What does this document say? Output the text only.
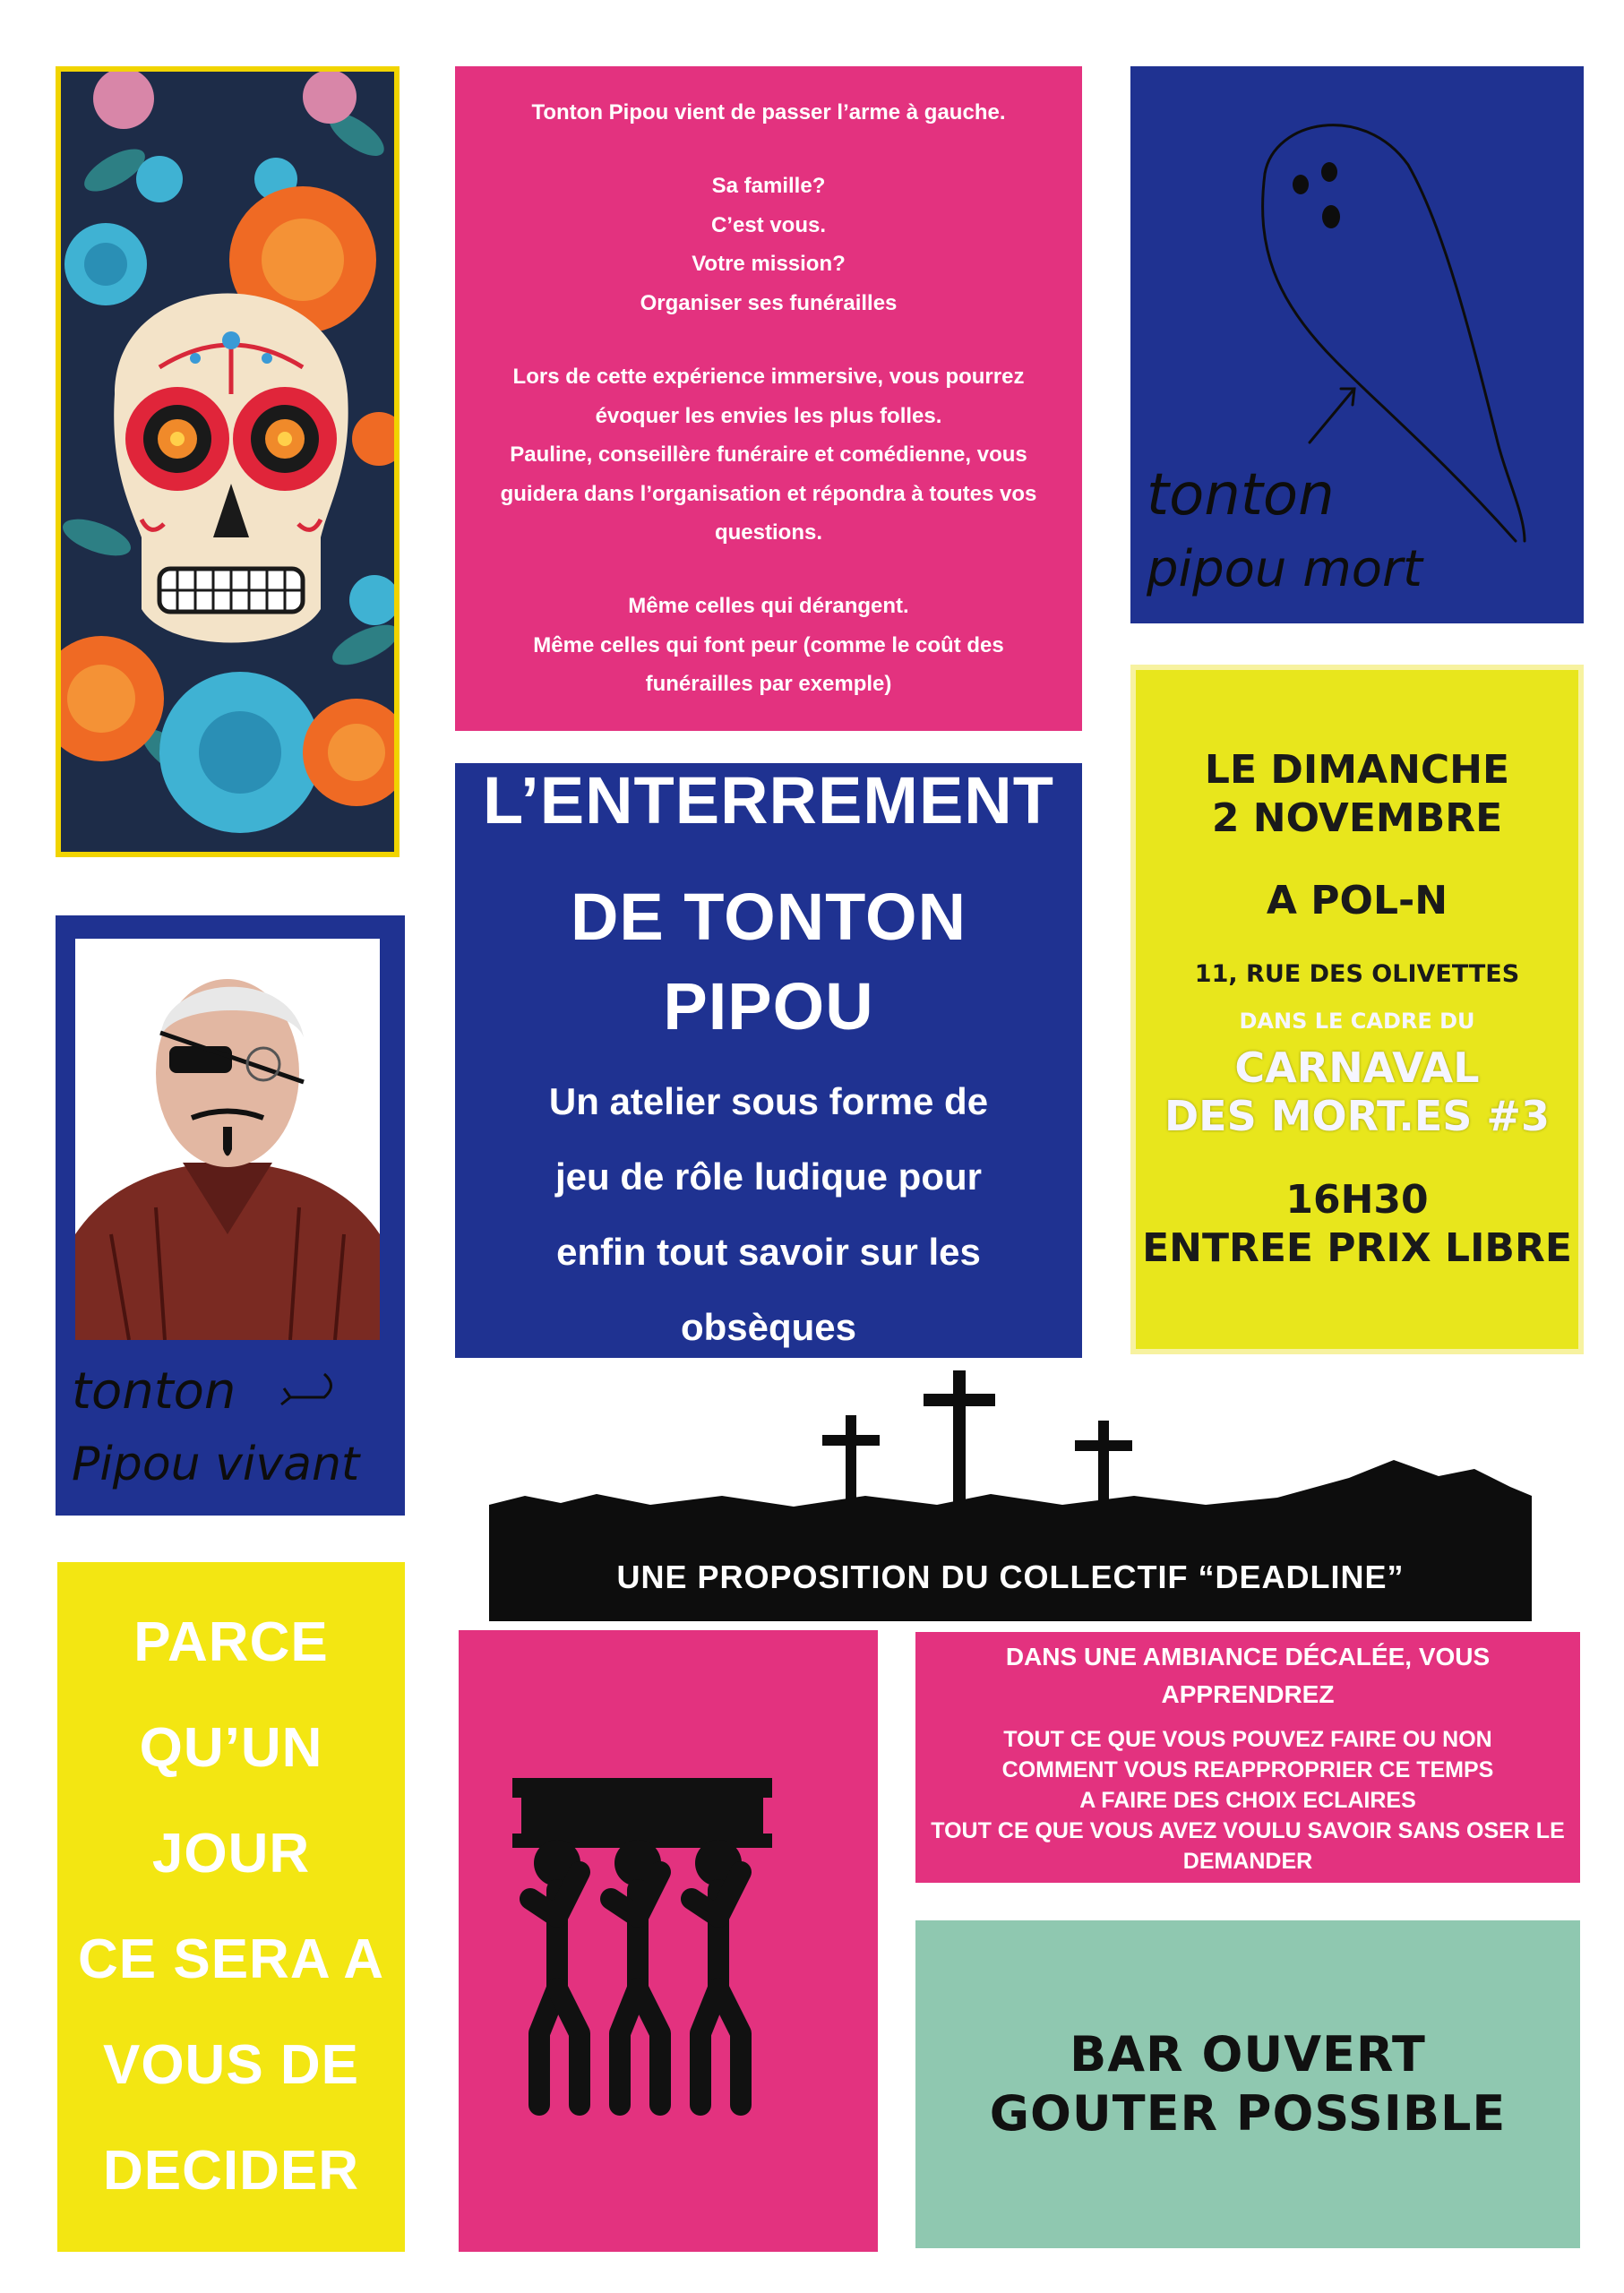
Tonton Pipou vient de passer l’arme à gauche.

Sa famille?

C’est vous.

Votre mission?

Organiser ses funérailles

Lors de cette expérience immersive, vous pourrez

évoquer les envies les plus folles.

Pauline, conseillère funéraire et comédienne, vous

guidera dans l’organisation et répondra à toutes vos

questions.

Même celles qui dérangent.

Même celles qui font peur (comme le coût des

funérailles par exemple)

tonton
pipou mort
LE DIMANCHE
2 NOVEMBRE
A POL-N
11, RUE DES OLIVETTES
DANS LE CADRE DU
CARNAVAL
DES MORT.ES #3
16H30
ENTREE PRIX LIBRE
L’ENTERREMENT
DE TONTON PIPOU
Un atelier sous forme de
jeu de rôle ludique pour
enfin tout savoir sur les
obsèques
tonton
Pipou vivant
UNE PROPOSITION DU COLLECTIF “DEADLINE”
PARCE
QU’UN JOUR
CE SERA A
VOUS DE
DECIDER
DANS UNE AMBIANCE DÉCALÉE, VOUS APPRENDREZ
TOUT CE QUE VOUS POUVEZ FAIRE OU NON
COMMENT VOUS REAPPROPRIER CE TEMPS
A FAIRE DES CHOIX ECLAIRES
TOUT CE QUE VOUS AVEZ VOULU SAVOIR SANS OSER LE
DEMANDER
BAR OUVERT
GOUTER POSSIBLE
